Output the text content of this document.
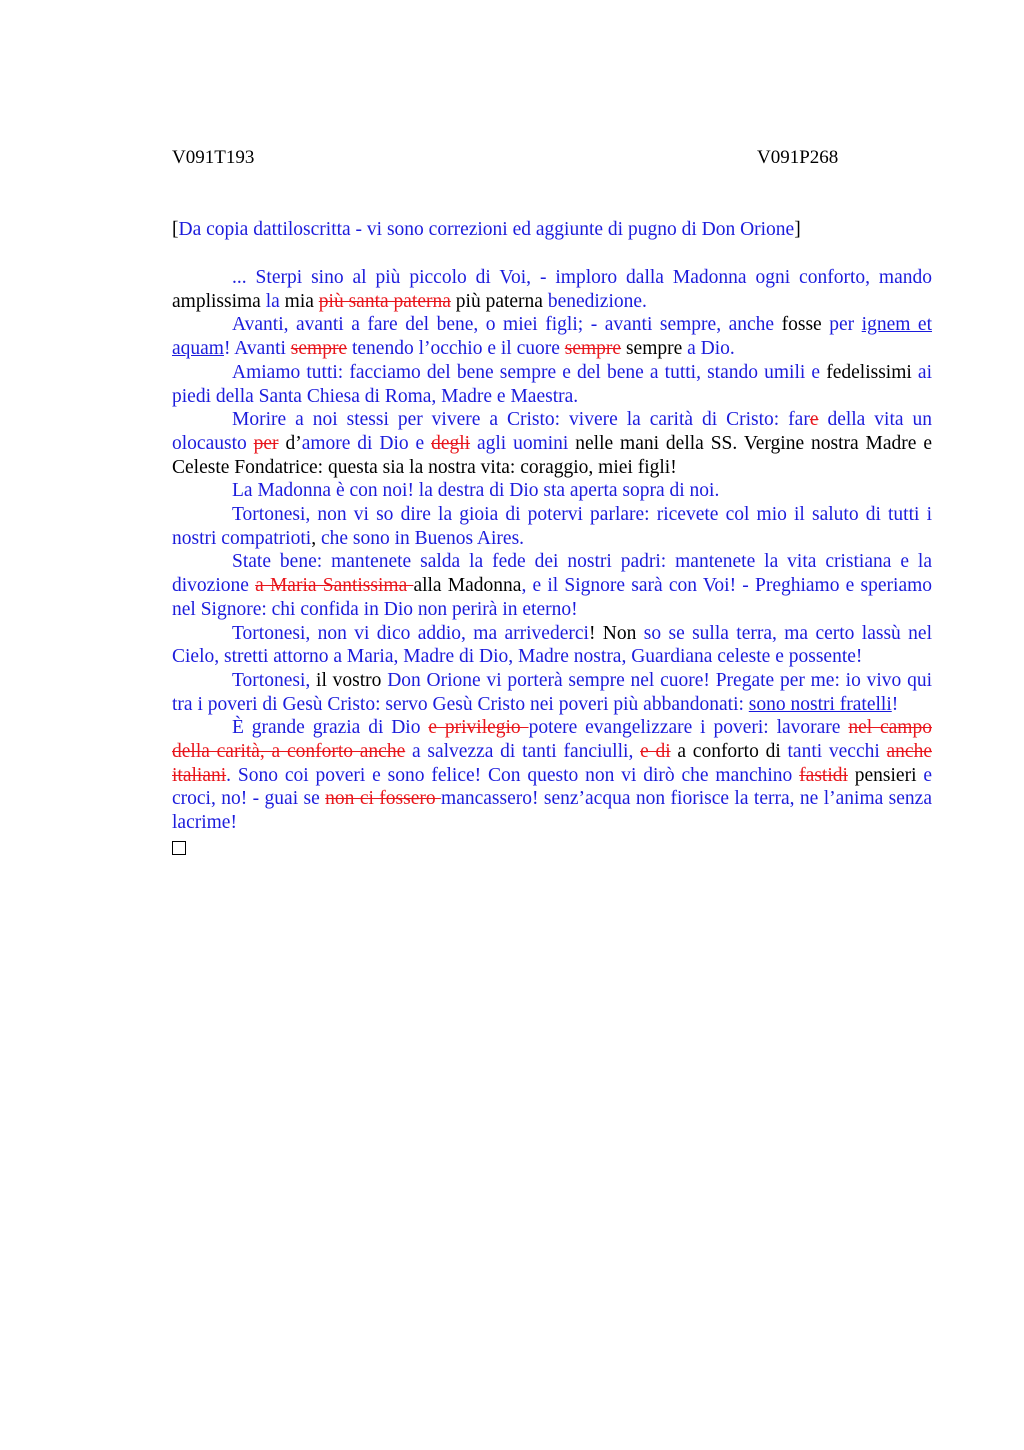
V091T193	V091P268
[Da copia dattiloscritta - vi sono correzioni ed aggiunte di pugno di Don Orione]

... Sterpi sino al più piccolo di Voi, - imploro dalla Madonna ogni conforto, mando amplissima la mia più santa paterna più paterna benedizione.

Avanti, avanti a fare del bene, o miei figli; - avanti sempre, anche fosse per ignem et aquam! Avanti sempre tenendo l’occhio e il cuore sempre sempre a Dio.

Amiamo tutti: facciamo del bene sempre e del bene a tutti, stando umili e fedelissimi ai piedi della Santa Chiesa di Roma, Madre e Maestra.

Morire a noi stessi per vivere a Cristo: vivere la carità di Cristo: fare della vita un olocausto per d’amore di Dio e degli agli uomini nelle mani della SS. Vergine nostra Madre e Celeste Fondatrice: questa sia la nostra vita: coraggio, miei figli!

La Madonna è con noi! la destra di Dio sta aperta sopra di noi.

Tortonesi, non vi so dire la gioia di potervi parlare: ricevete col mio il saluto di tutti i nostri compatrioti, che sono in Buenos Aires.

State bene: mantenete salda la fede dei nostri padri: mantenete la vita cristiana e la divozione a Maria Santissima alla Madonna, e il Signore sarà con Voi! - Preghiamo e speriamo nel Signore: chi confida in Dio non perirà in eterno!

Tortonesi, non vi dico addio, ma arrivederci! Non so se sulla terra, ma certo lassù nel Cielo, stretti attorno a Maria, Madre di Dio, Madre nostra, Guardiana celeste e possente!

Tortonesi, il vostro Don Orione vi porterà sempre nel cuore! Pregate per me: io vivo qui tra i poveri di Gesù Cristo: servo Gesù Cristo nei poveri più abbandonati: sono nostri fratelli!

È grande grazia di Dio e privilegio potere evangelizzare i poveri: lavorare nel campo della carità, a conforto anche a salvezza di tanti fanciulli, e di a conforto di tanti vecchi anche italiani. Sono coi poveri e sono felice! Con questo non vi dirò che manchino fastidi pensieri e croci, no! - guai se non ci fossero mancassero! senz’acqua non fiorisce la terra, ne l’anima senza lacrime!
